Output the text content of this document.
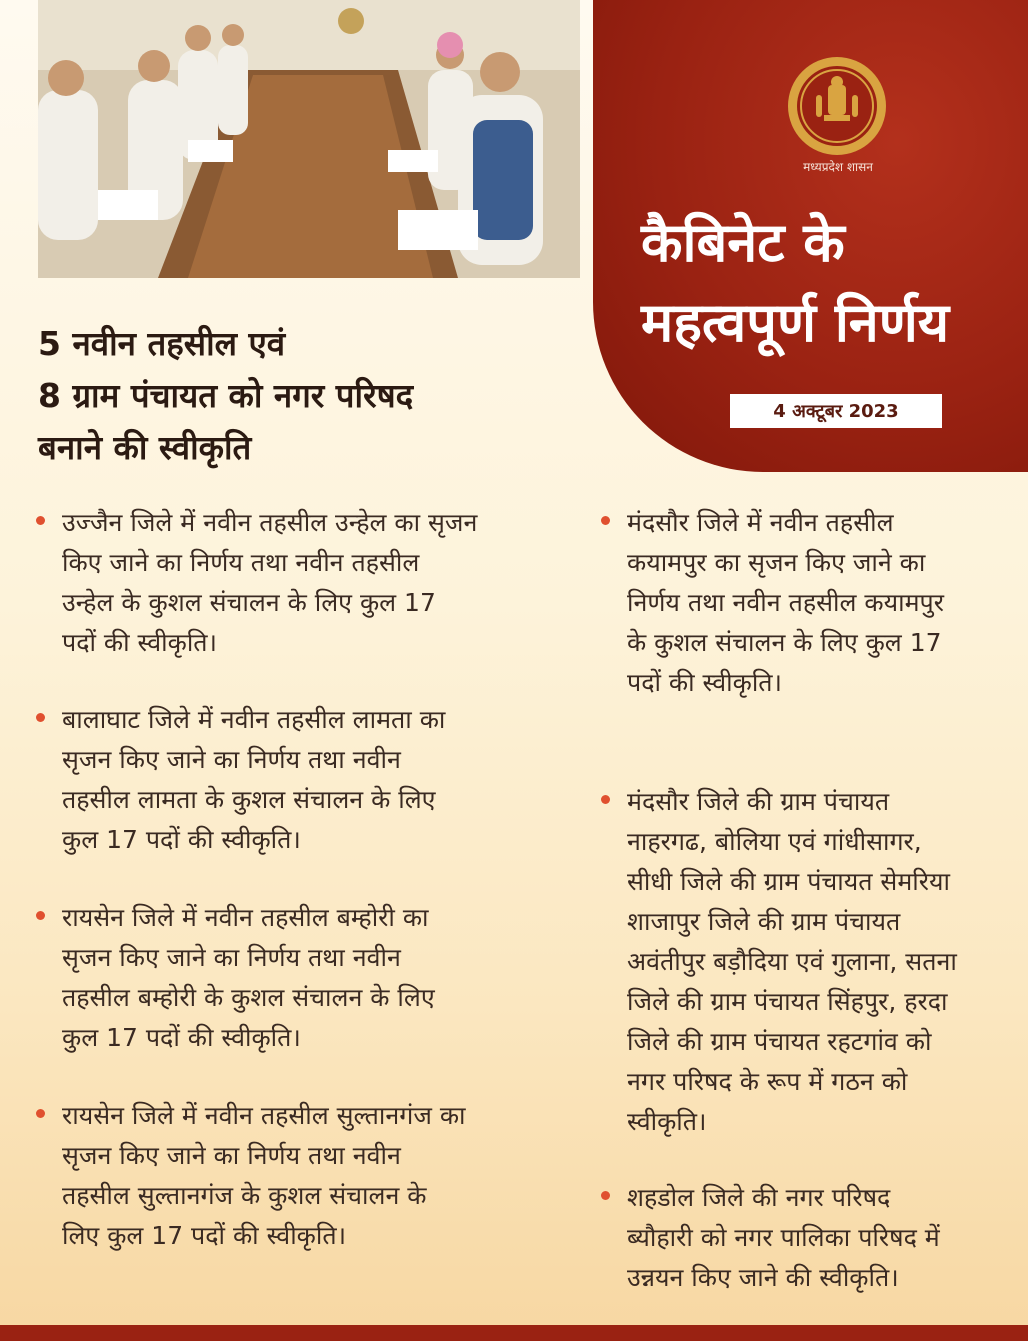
मध्यप्रदेश शासन
कैबिनेट के
महत्वपूर्ण निर्णय
4 अक्टूबर 2023
5 नवीन तहसील एवं
8 ग्राम पंचायत को नगर परिषद
बनाने की स्वीकृति
उज्जैन जिले में नवीन तहसील उन्हेल का सृजन
किए जाने का निर्णय तथा नवीन तहसील
उन्हेल के कुशल संचालन के लिए कुल 17
पदों की स्वीकृति।
बालाघाट जिले में नवीन तहसील लामता का
सृजन किए जाने का निर्णय तथा नवीन
तहसील लामता के कुशल संचालन के लिए
कुल 17 पदों की स्वीकृति।
रायसेन जिले में नवीन तहसील बम्होरी का
सृजन किए जाने का निर्णय तथा नवीन
तहसील बम्होरी के कुशल संचालन के लिए
कुल 17 पदों की स्वीकृति।
रायसेन जिले में नवीन तहसील सुल्तानगंज का
सृजन किए जाने का निर्णय तथा नवीन
तहसील सुल्तानगंज के कुशल संचालन के
लिए कुल 17 पदों की स्वीकृति।
मंदसौर जिले में नवीन तहसील
कयामपुर का सृजन किए जाने का
निर्णय तथा नवीन तहसील कयामपुर
के कुशल संचालन के लिए कुल 17
पदों की स्वीकृति।
मंदसौर जिले की ग्राम पंचायत
नाहरगढ, बोलिया एवं गांधीसागर,
सीधी जिले की ग्राम पंचायत सेमरिया
शाजापुर जिले की ग्राम पंचायत
अवंतीपुर बड़ौदिया एवं गुलाना, सतना
जिले की ग्राम पंचायत सिंहपुर, हरदा
जिले की ग्राम पंचायत रहटगांव को
नगर परिषद के रूप में गठन को
स्वीकृति।
शहडोल जिले की नगर परिषद
ब्यौहारी को नगर पालिका परिषद में
उन्नयन किए जाने की स्वीकृति।
